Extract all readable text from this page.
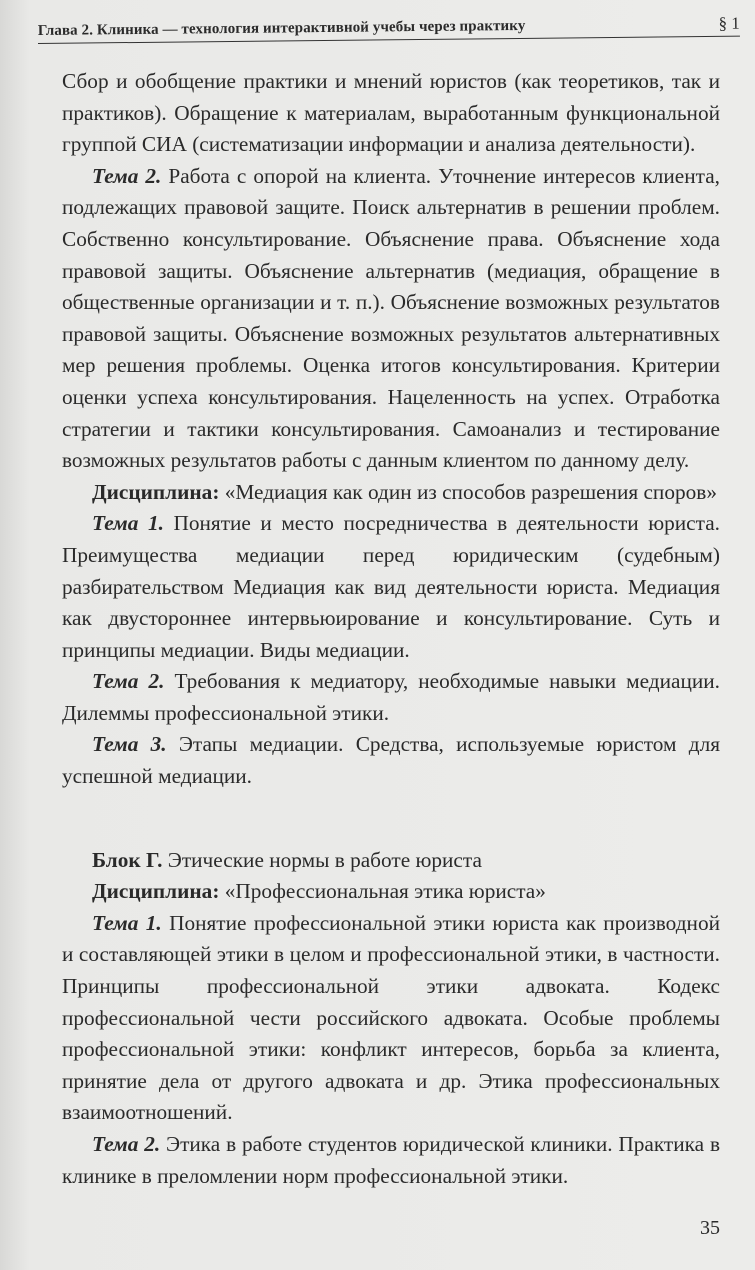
Глава 2. Клиника — технология интерактивной учебы через практику	§ 1

Сбор и обобщение практики и мнений юристов (как теоретиков, так и практиков). Обращение к материалам, выработанным функциональной группой СИА (систематизации информации и анализа деятельности).

Тема 2. Работа с опорой на клиента. Уточнение интересов клиента, подлежащих правовой защите. Поиск альтернатив в решении проблем. Собственно консультирование. Объяснение права. Объяснение хода правовой защиты. Объяснение альтернатив (медиация, обращение в общественные организации и т. п.). Объяснение возможных результатов правовой защиты. Объяснение возможных результатов альтернативных мер решения проблемы. Оценка итогов консультирования. Критерии оценки успеха консультирования. Нацеленность на успех. Отработка стратегии и тактики консультирования. Самоанализ и тестирование возможных результатов работы с данным клиентом по данному делу.

Дисциплина: «Медиация как один из способов разрешения споров»

Тема 1. Понятие и место посредничества в деятельности юриста. Преимущества медиации перед юридическим (судебным) разбирательством Медиация как вид деятельности юриста. Медиация как двустороннее интервьюирование и консультирование. Суть и принципы медиации. Виды медиации.

Тема 2. Требования к медиатору, необходимые навыки медиации. Дилеммы профессиональной этики.

Тема 3. Этапы медиации. Средства, используемые юристом для успешной медиации.

Блок Г. Этические нормы в работе юриста

Дисциплина: «Профессиональная этика юриста»

Тема 1. Понятие профессиональной этики юриста как производной и составляющей этики в целом и профессиональной этики, в частности. Принципы профессиональной этики адвоката. Кодекс профессиональной чести российского адвоката. Особые проблемы профессиональной этики: конфликт интересов, борьба за клиента, принятие дела от другого адвоката и др. Этика профессиональных взаимоотношений.

Тема 2. Этика в работе студентов юридической клиники. Практика в клинике в преломлении норм профессиональной этики.

35
